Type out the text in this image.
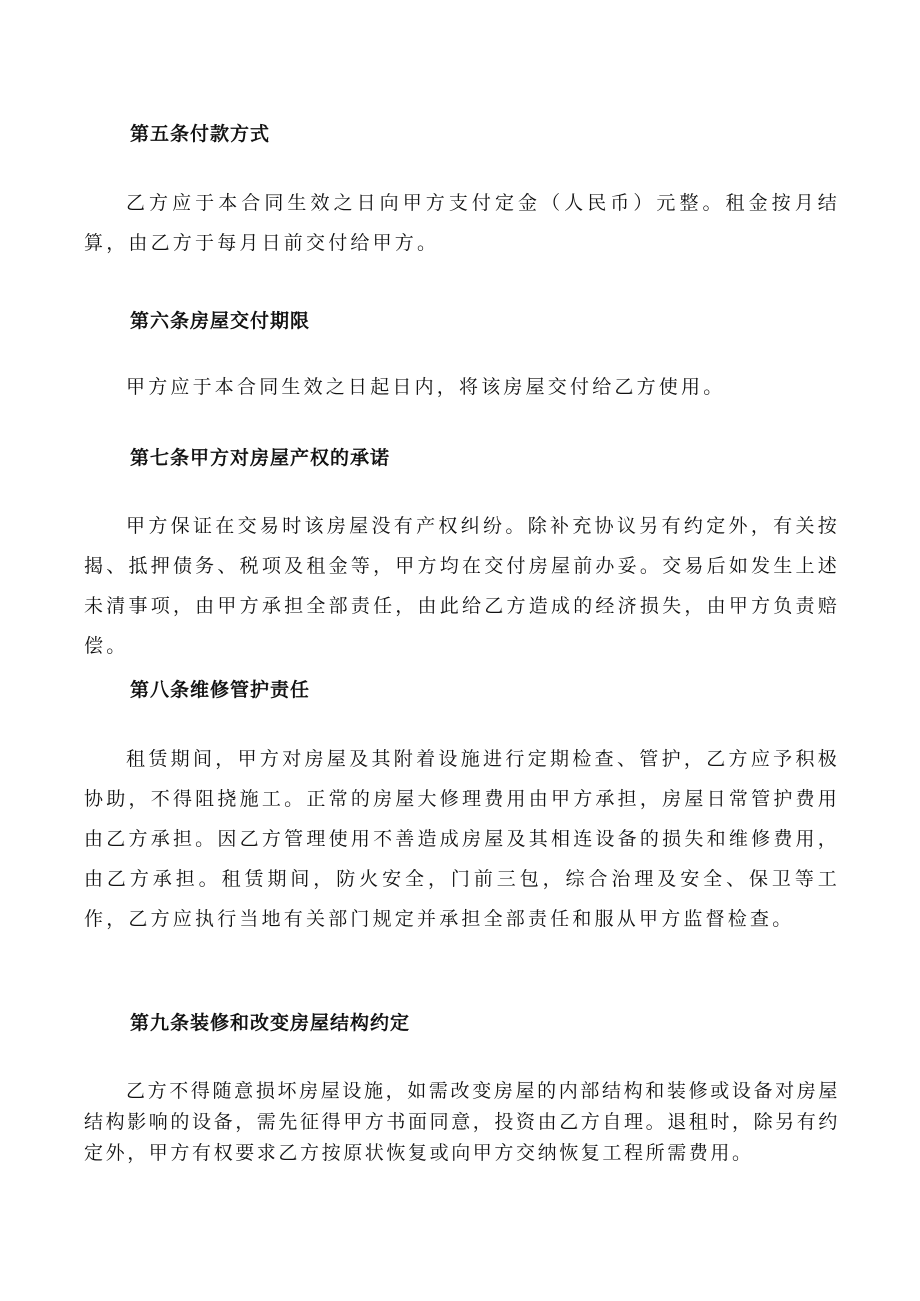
第五条付款方式
乙方应于本合同生效之日向甲方支付定金（人民币）元整。租金按月结算，由乙方于每月日前交付给甲方。
第六条房屋交付期限
甲方应于本合同生效之日起日内，将该房屋交付给乙方使用。
第七条甲方对房屋产权的承诺
甲方保证在交易时该房屋没有产权纠纷。除补充协议另有约定外，有关按揭、抵押债务、税项及租金等，甲方均在交付房屋前办妥。交易后如发生上述未清事项，由甲方承担全部责任，由此给乙方造成的经济损失，由甲方负责赔偿。
第八条维修管护责任
租赁期间，甲方对房屋及其附着设施进行定期检查、管护，乙方应予积极协助，不得阻挠施工。正常的房屋大修理费用由甲方承担，房屋日常管护费用由乙方承担。因乙方管理使用不善造成房屋及其相连设备的损失和维修费用，由乙方承担。租赁期间，防火安全，门前三包，综合治理及安全、保卫等工作，乙方应执行当地有关部门规定并承担全部责任和服从甲方监督检查。
第九条装修和改变房屋结构约定
乙方不得随意损坏房屋设施，如需改变房屋的内部结构和装修或设备对房屋结构影响的设备，需先征得甲方书面同意，投资由乙方自理。退租时，除另有约定外，甲方有权要求乙方按原状恢复或向甲方交纳恢复工程所需费用。
